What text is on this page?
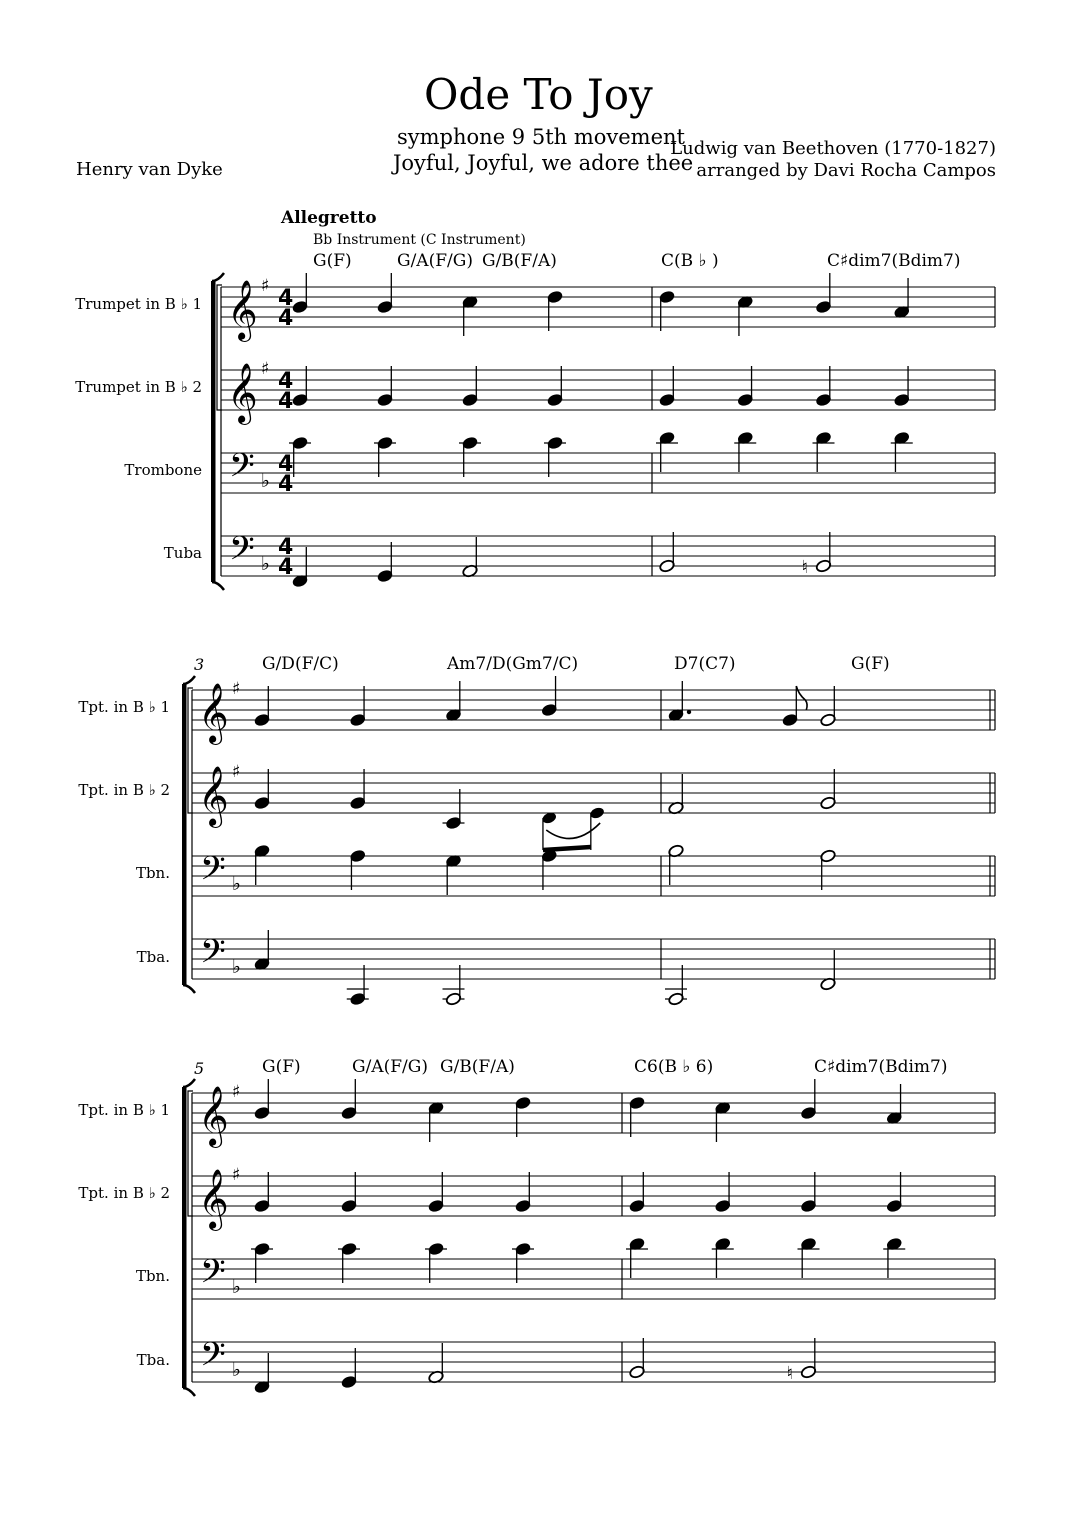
Ode To Joy
symphone 9 5th movement
Joyful, Joyful, we adore thee
Henry van Dyke
Ludwig van Beethoven (1770-1827)
arranged by Davi Rocha Campos
Allegretto
Bb Instrument (C Instrument)
G(F)	G/A(F/G) G/B(F/A)	C(B ♭ )	C♯dim7(Bdim7)
G/D(F/C)	Am7/D(Gm7/C)	D7(C7)	G(F)
G(F)	G/A(F/G) G/B(F/A)	C6(B ♭ 6)	C♯dim7(Bdim7)
3
5
Trumpet in B ♭ 1
Trumpet in B ♭ 2
Trombone
Tuba
Tpt. in B ♭ 1
Tpt. in B ♭ 2
Tbn.
Tba.
Tpt. in B ♭ 1
Tpt. in B ♭ 2
Tbn.
Tba.
𝄞 ♯ 4
4
𝄞 ♯ 4
4
𝄢 ♭
4
4
𝄢 ♭
4
4	♮
𝄞 ♯
𝄞 ♯
𝄢 ♭
𝄢 ♭
𝄞 ♯
𝄞 ♯
𝄢 ♭
𝄢 ♭	♮
